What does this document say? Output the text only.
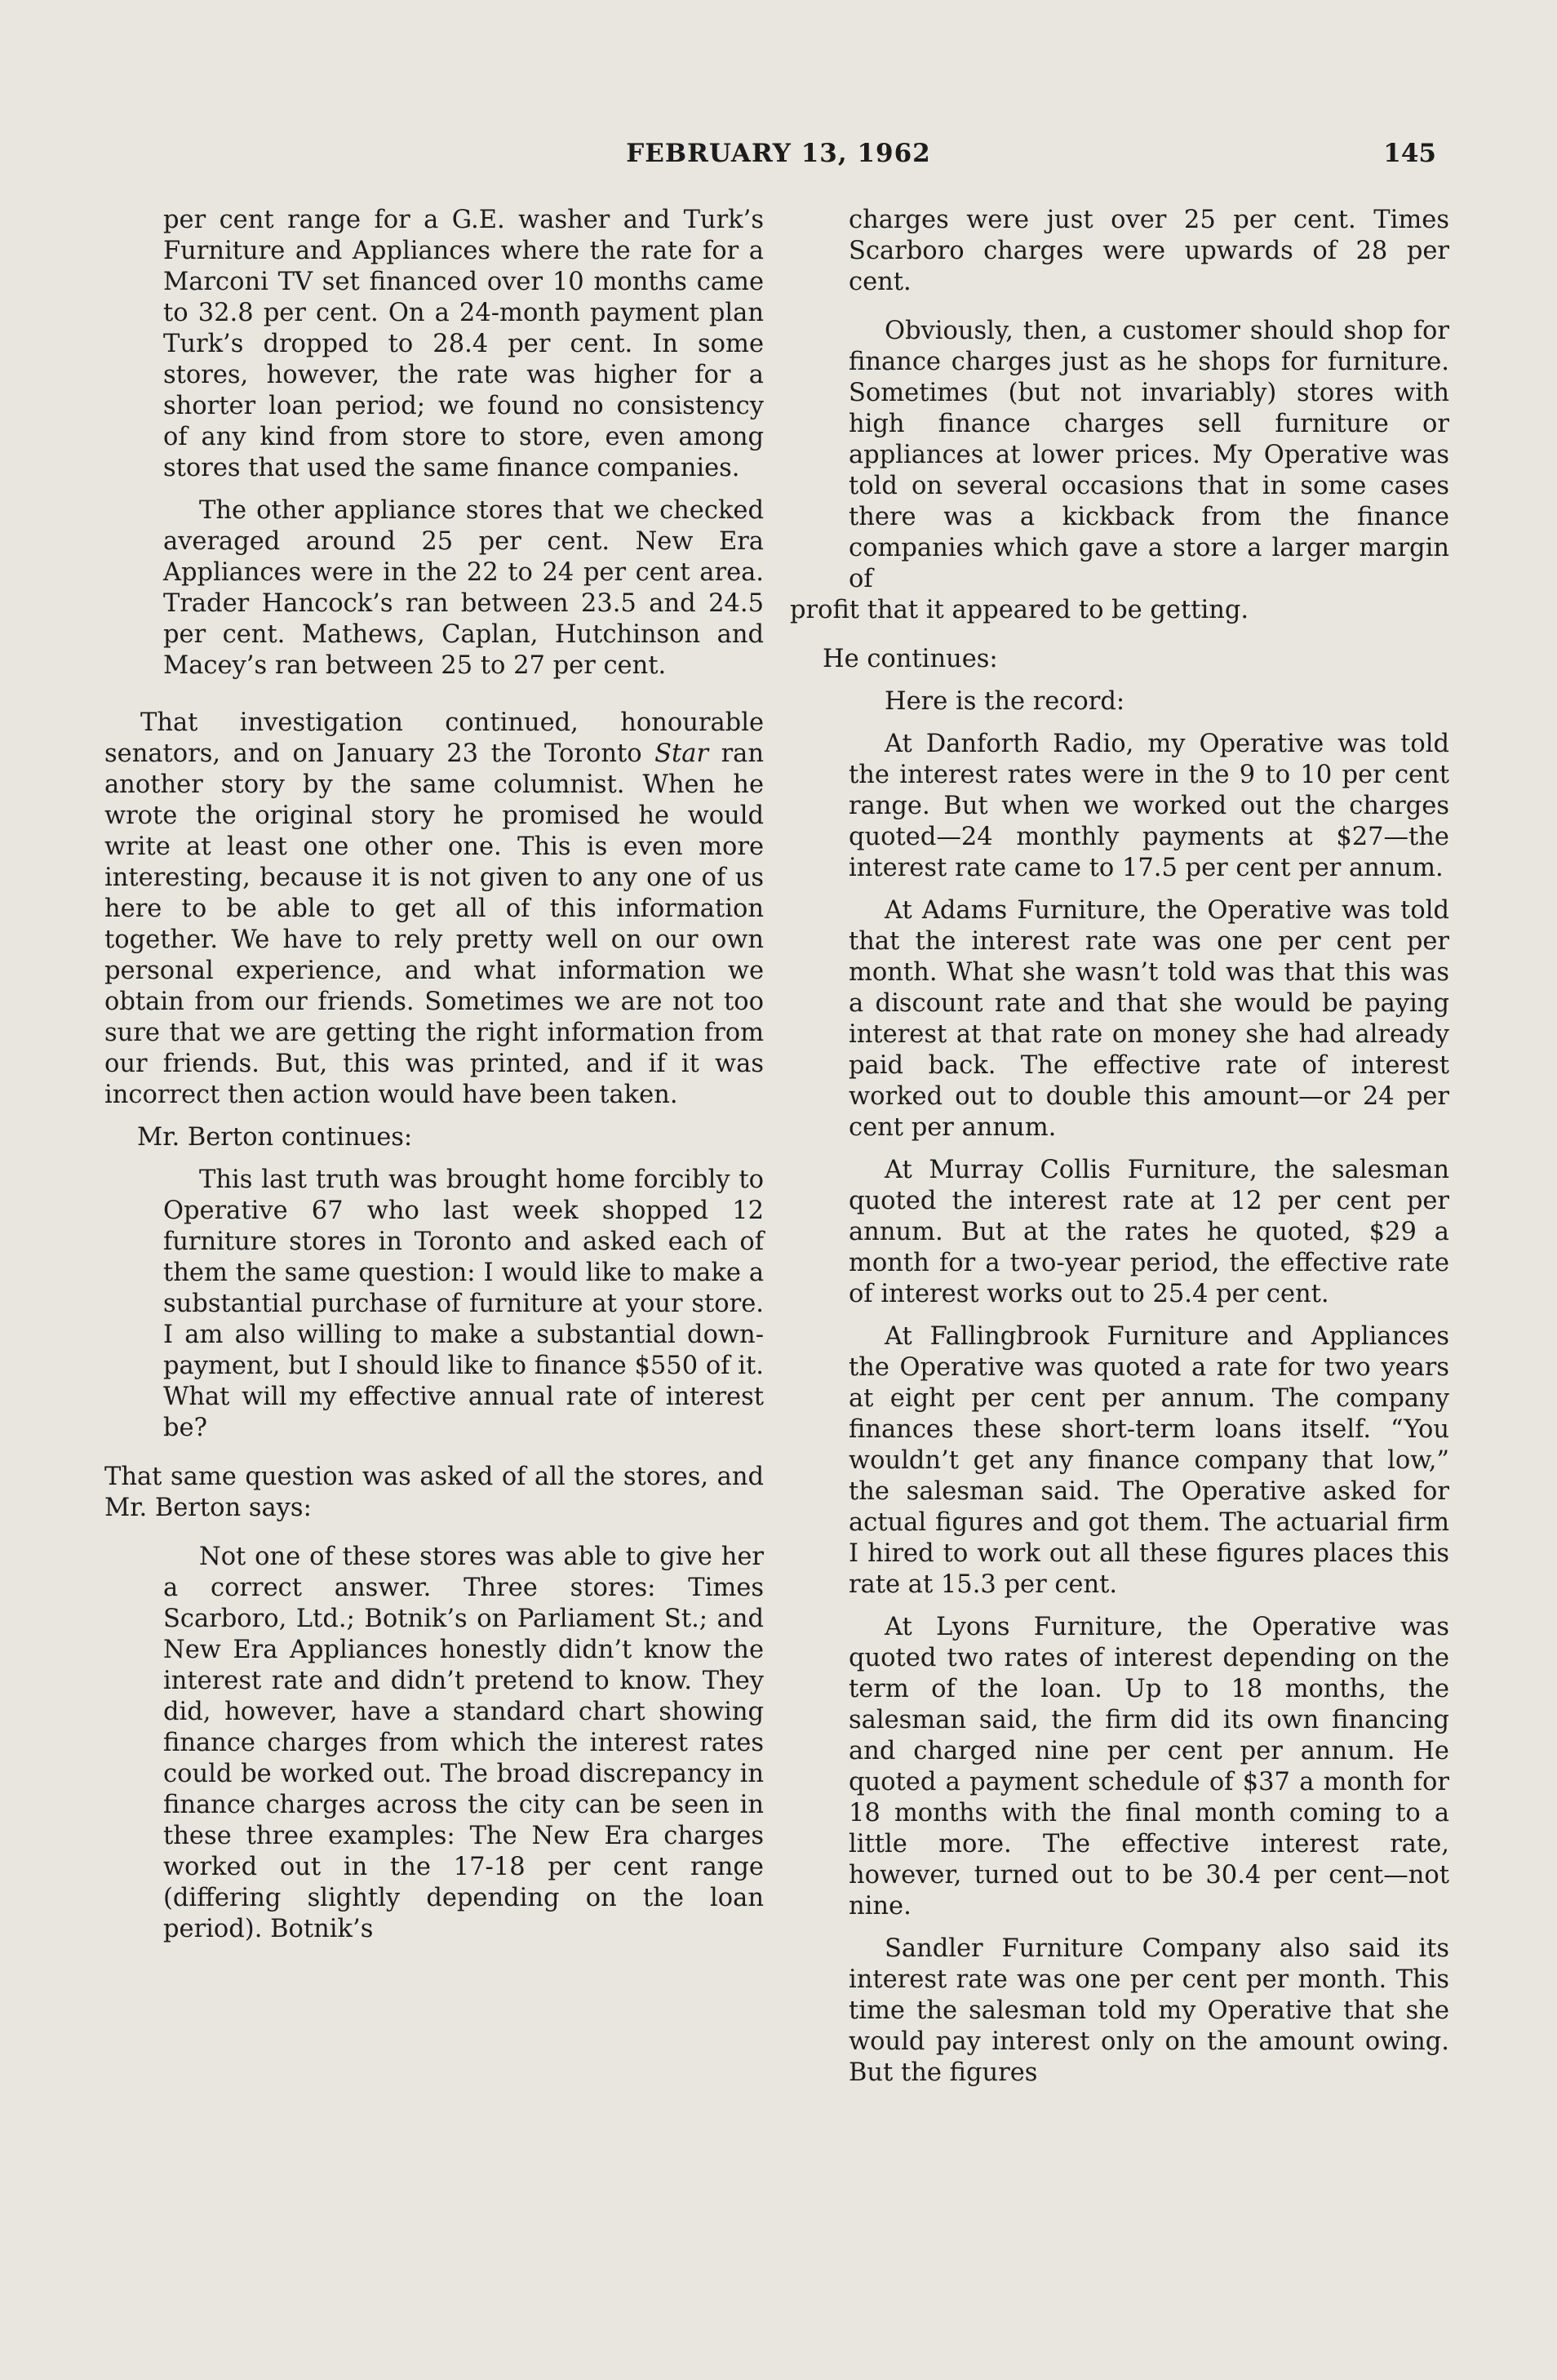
FEBRUARY 13, 1962	145

per cent range for a G.E. washer and Turk’s Furniture and Appliances where the rate for a Marconi TV set financed over 10 months came to 32.8 per cent. On a 24-month payment plan Turk’s dropped to 28.4 per cent. In some stores, however, the rate was higher for a shorter loan period; we found no consistency of any kind from store to store, even among stores that used the same finance companies.

The other appliance stores that we checked averaged around 25 per cent. New Era Appliances were in the 22 to 24 per cent area. Trader Hancock’s ran between 23.5 and 24.5 per cent. Mathews, Caplan, Hutchinson and Macey’s ran between 25 to 27 per cent.

That investigation continued, honourable senators, and on January 23 the Toronto Star ran another story by the same columnist. When he wrote the original story he promised he would write at least one other one. This is even more interesting, because it is not given to any one of us here to be able to get all of this information together. We have to rely pretty well on our own personal experience, and what information we obtain from our friends. Sometimes we are not too sure that we are getting the right information from our friends. But, this was printed, and if it was incorrect then action would have been taken.

Mr. Berton continues:

This last truth was brought home forcibly to Operative 67 who last week shopped 12 furniture stores in Toronto and asked each of them the same question: I would like to make a substantial purchase of furniture at your store. I am also willing to make a substantial downpayment, but I should like to finance $550 of it. What will my effective annual rate of interest be?

That same question was asked of all the stores, and Mr. Berton says:

Not one of these stores was able to give her a correct answer. Three stores: Times Scarboro, Ltd.; Botnik’s on Parliament St.; and New Era Appliances honestly didn’t know the interest rate and didn’t pretend to know. They did, however, have a standard chart showing finance charges from which the interest rates could be worked out. The broad discrepancy in finance charges across the city can be seen in these three examples: The New Era charges worked out in the 17-18 per cent range (differing slightly depending on the loan period). Botnik’s

charges were just over 25 per cent. Times Scarboro charges were upwards of 28 per cent.

Obviously, then, a customer should shop for finance charges just as he shops for furniture. Sometimes (but not invariably) stores with high finance charges sell furniture or appliances at lower prices. My Operative was told on several occasions that in some cases there was a kickback from the finance companies which gave a store a larger margin of

profit that it appeared to be getting.

He continues:

Here is the record:

At Danforth Radio, my Operative was told the interest rates were in the 9 to 10 per cent range. But when we worked out the charges quoted—24 monthly payments at $27—the interest rate came to 17.5 per cent per annum.

At Adams Furniture, the Operative was told that the interest rate was one per cent per month. What she wasn’t told was that this was a discount rate and that she would be paying interest at that rate on money she had already paid back. The effective rate of interest worked out to double this amount—or 24 per cent per annum.

At Murray Collis Furniture, the salesman quoted the interest rate at 12 per cent per annum. But at the rates he quoted, $29 a month for a two-year period, the effective rate of interest works out to 25.4 per cent.

At Fallingbrook Furniture and Appliances the Operative was quoted a rate for two years at eight per cent per annum. The company finances these short-term loans itself. “You wouldn’t get any finance company that low,” the salesman said. The Operative asked for actual figures and got them. The actuarial firm I hired to work out all these figures places this rate at 15.3 per cent.

At Lyons Furniture, the Operative was quoted two rates of interest depending on the term of the loan. Up to 18 months, the salesman said, the firm did its own financing and charged nine per cent per annum. He quoted a payment schedule of $37 a month for 18 months with the final month coming to a little more. The effective interest rate, however, turned out to be 30.4 per cent—not nine.

Sandler Furniture Company also said its interest rate was one per cent per month. This time the salesman told my Operative that she would pay interest only on the amount owing. But the figures
